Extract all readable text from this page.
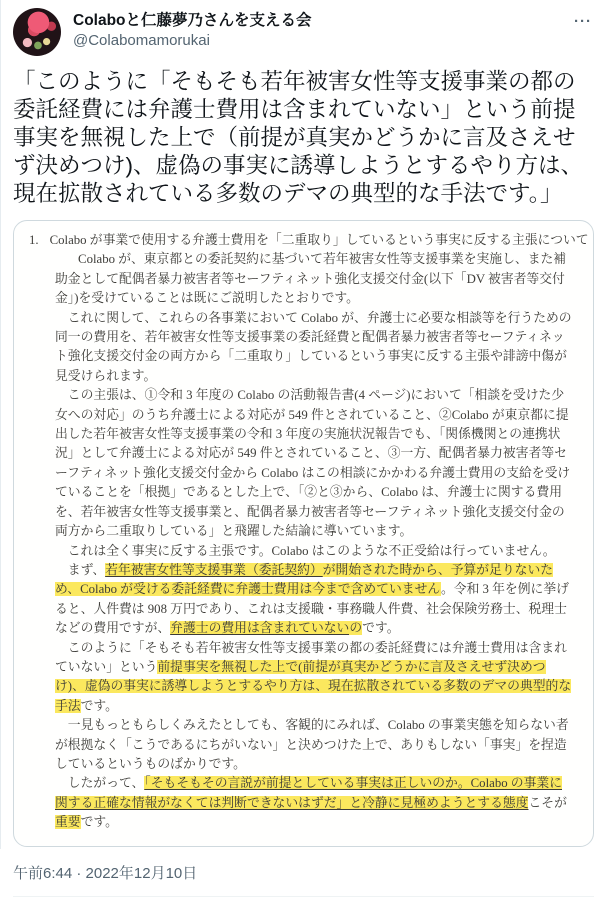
Colaboと仁藤夢乃さんを支える会
@Colabomamorukai
···
「このように「そもそも若年被害女性等支援事業の都の委託経費には弁護士費用は含まれていない」という前提事実を無視した上で（前提が真実かどうかに言及さえせず決めつけ)、虚偽の事実に誘導しようとするやり方は、現在拡散されている多数のデマの典型的な手法です。」
1. Colabo が事業で使用する弁護士費用を「二重取り」しているという事実に反する主張について

Colabo が、東京都との委託契約に基づいて若年被害女性等支援事業を実施し、また補助金として配偶者暴力被害者等セーフティネット強化支援交付金(以下「DV 被害者等交付金」)を受けていることは既にご説明したとおりです。

これに関して、これらの各事業において Colabo が、弁護士に必要な相談等を行うための同一の費用を、若年被害女性等支援事業の委託経費と配偶者暴力被害者等セーフティネット強化支援交付金の両方から「二重取り」しているという事実に反する主張や誹謗中傷が見受けられます。

この主張は、①令和 3 年度の Colabo の活動報告書(4 ページ)において「相談を受けた少女への対応」のうち弁護士による対応が 549 件とされていること、②Colabo が東京都に提出した若年被害女性等支援事業の令和 3 年度の実施状況報告でも、「関係機関との連携状況」として弁護士による対応が 549 件とされていること、③一方、配偶者暴力被害者等セーフティネット強化支援交付金から Colabo はこの相談にかかわる弁護士費用の支給を受けていることを「根拠」であるとした上で、「②と③から、Colabo は、弁護士に関する費用を、若年被害女性等支援事業と、配偶者暴力被害者等セーフティネット強化支援交付金の両方から二重取りしている」と飛躍した結論に導いています。

これは全く事実に反する主張です。Colabo はこのような不正受給は行っていません。

まず、若年被害女性等支援事業（委託契約）が開始された時から、予算が足りないため、Colabo が受ける委託経費に弁護士費用は今まで含めていません。令和 3 年を例に挙げると、人件費は 908 万円であり、これは支援職・事務職人件費、社会保険労務士、税理士などの費用ですが、弁護士の費用は含まれていないのです。

このように「そもそも若年被害女性等支援事業の都の委託経費には弁護士費用は含まれていない」という前提事実を無視した上で(前提が真実かどうかに言及さえせず決めつけ)、虚偽の事実に誘導しようとするやり方は、現在拡散されている多数のデマの典型的な手法です。

一見もっともらしくみえたとしても、客観的にみれば、Colabo の事業実態を知らない者が根拠なく「こうであるにちがいない」と決めつけた上で、ありもしない「事実」を捏造しているというものばかりです。

したがって、「そもそもその言説が前提としている事実は正しいのか。Colabo の事業に関する正確な情報がなくては判断できないはずだ」と冷静に見極めようとする態度こそが重要です。

午前6:44 · 2022年12月10日
